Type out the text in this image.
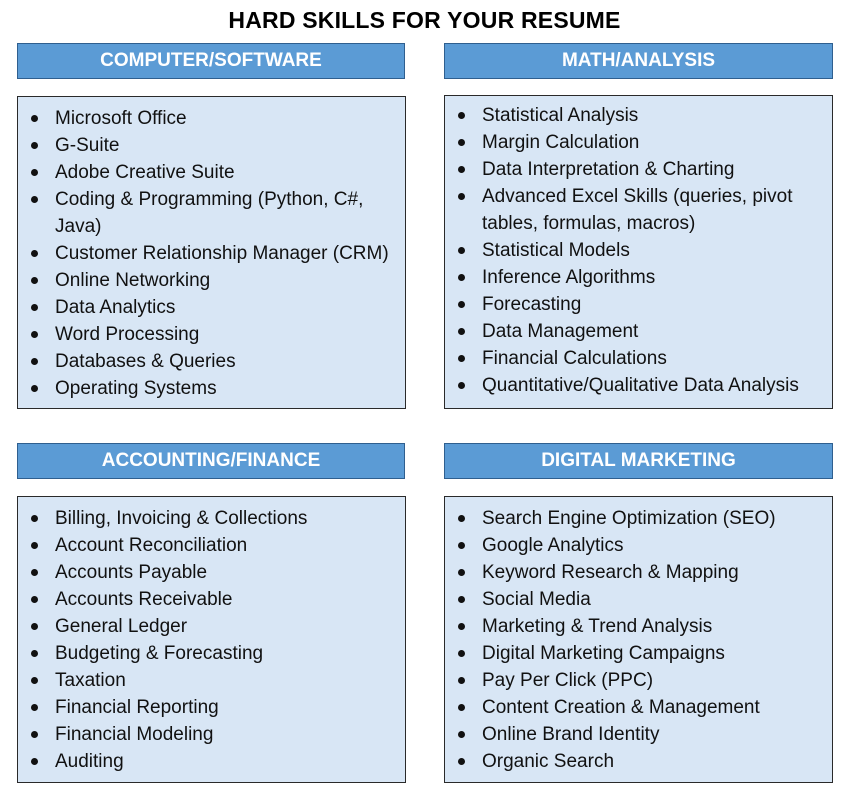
HARD SKILLS FOR YOUR RESUME
COMPUTER/SOFTWARE
Microsoft Office
G-Suite
Adobe Creative Suite
Coding & Programming (Python, C#, Java)
Customer Relationship Manager (CRM)
Online Networking
Data Analytics
Word Processing
Databases & Queries
Operating Systems
MATH/ANALYSIS
Statistical Analysis
Margin Calculation
Data Interpretation & Charting
Advanced Excel Skills (queries, pivot tables, formulas, macros)
Statistical Models
Inference Algorithms
Forecasting
Data Management
Financial Calculations
Quantitative/Qualitative Data Analysis
ACCOUNTING/FINANCE
Billing, Invoicing & Collections
Account Reconciliation
Accounts Payable
Accounts Receivable
General Ledger
Budgeting & Forecasting
Taxation
Financial Reporting
Financial Modeling
Auditing
DIGITAL MARKETING
Search Engine Optimization (SEO)
Google Analytics
Keyword Research & Mapping
Social Media
Marketing & Trend Analysis
Digital Marketing Campaigns
Pay Per Click (PPC)
Content Creation & Management
Online Brand Identity
Organic Search
